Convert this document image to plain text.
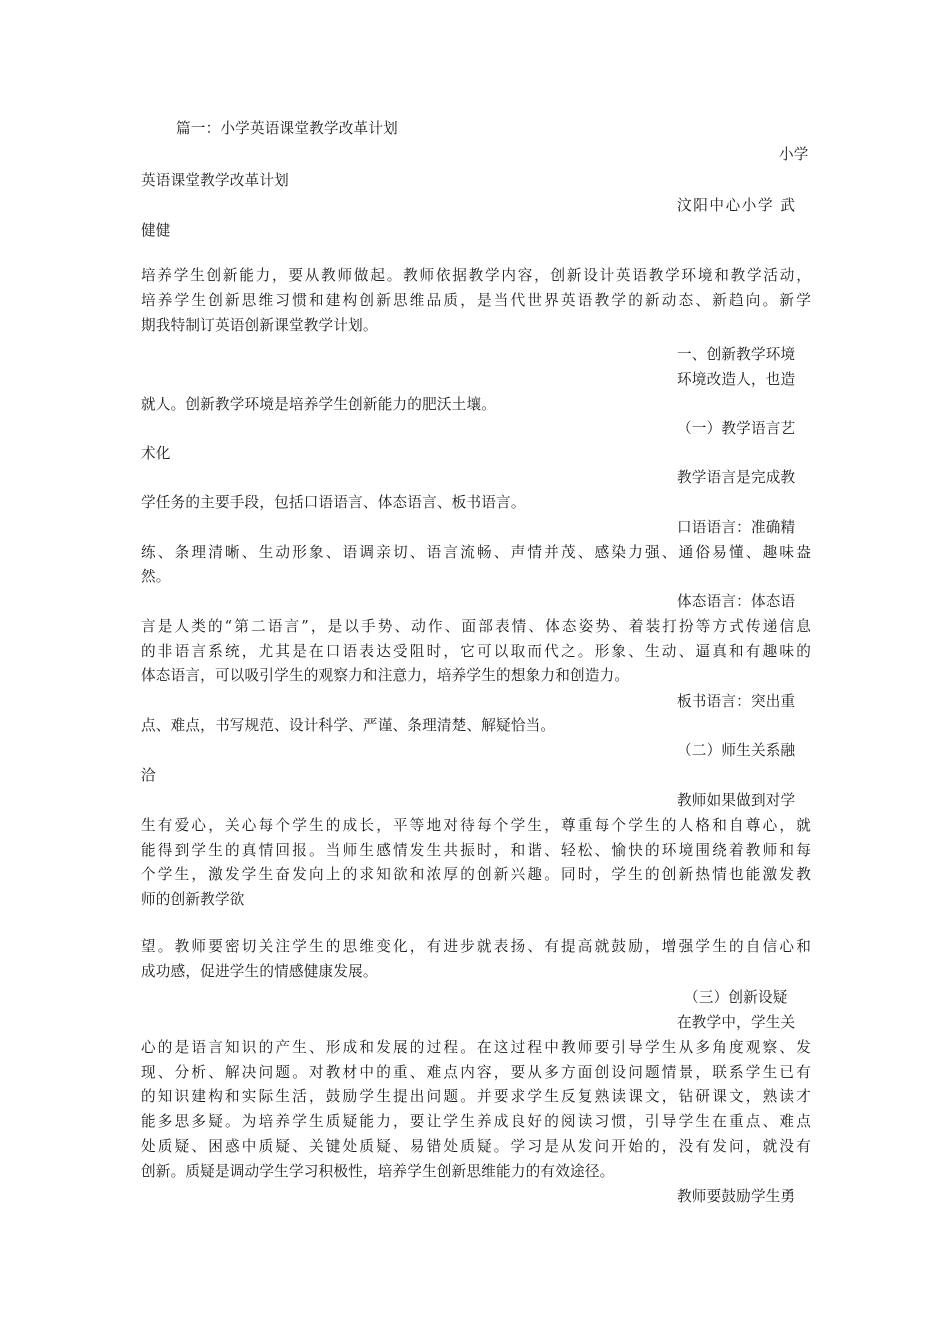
篇一：小学英语课堂教学改革计划
小学
英语课堂教学改革计划
汶阳中心小学 武
健健
培养学生创新能力，要从教师做起。教师依据教学内容，创新设计英语教学环境和教学活动，
培养学生创新思维习惯和建构创新思维品质，是当代世界英语教学的新动态、新趋向。新学
期我特制订英语创新课堂教学计划。
一、创新教学环境
环境改造人，也造
就人。创新教学环境是培养学生创新能力的肥沃土壤。
（一）教学语言艺
术化
教学语言是完成教
学任务的主要手段，包括口语语言、体态语言、板书语言。
口语语言：准确精
练、条理清晰、生动形象、语调亲切、语言流畅、声情并茂、感染力强、通俗易懂、趣味盎
然。
体态语言：体态语
言是人类的“第二语言”，是以手势、动作、面部表情、体态姿势、着装打扮等方式传递信息
的非语言系统，尤其是在口语表达受阻时，它可以取而代之。形象、生动、逼真和有趣味的
体态语言，可以吸引学生的观察力和注意力，培养学生的想象力和创造力。
板书语言：突出重
点、难点，书写规范、设计科学、严谨、条理清楚、解疑恰当。
（二）师生关系融
洽
教师如果做到对学
生有爱心，关心每个学生的成长，平等地对待每个学生，尊重每个学生的人格和自尊心，就
能得到学生的真情回报。当师生感情发生共振时，和谐、轻松、愉快的环境围绕着教师和每
个学生，激发学生奋发向上的求知欲和浓厚的创新兴趣。同时，学生的创新热情也能激发教
师的创新教学欲
望。教师要密切关注学生的思维变化，有进步就表扬、有提高就鼓励，增强学生的自信心和
成功感，促进学生的情感健康发展。
（三）创新设疑
在教学中，学生关
心的是语言知识的产生、形成和发展的过程。在这过程中教师要引导学生从多角度观察、发
现、分析、解决问题。对教材中的重、难点内容，要从多方面创设问题情景，联系学生已有
的知识建构和实际生活，鼓励学生提出问题。并要求学生反复熟读课文，钻研课文，熟读才
能多思多疑。为培养学生质疑能力，要让学生养成良好的阅读习惯，引导学生在重点、难点
处质疑、困惑中质疑、关键处质疑、易错处质疑。学习是从发问开始的，没有发问，就没有
创新。质疑是调动学生学习积极性，培养学生创新思维能力的有效途径。
教师要鼓励学生勇
